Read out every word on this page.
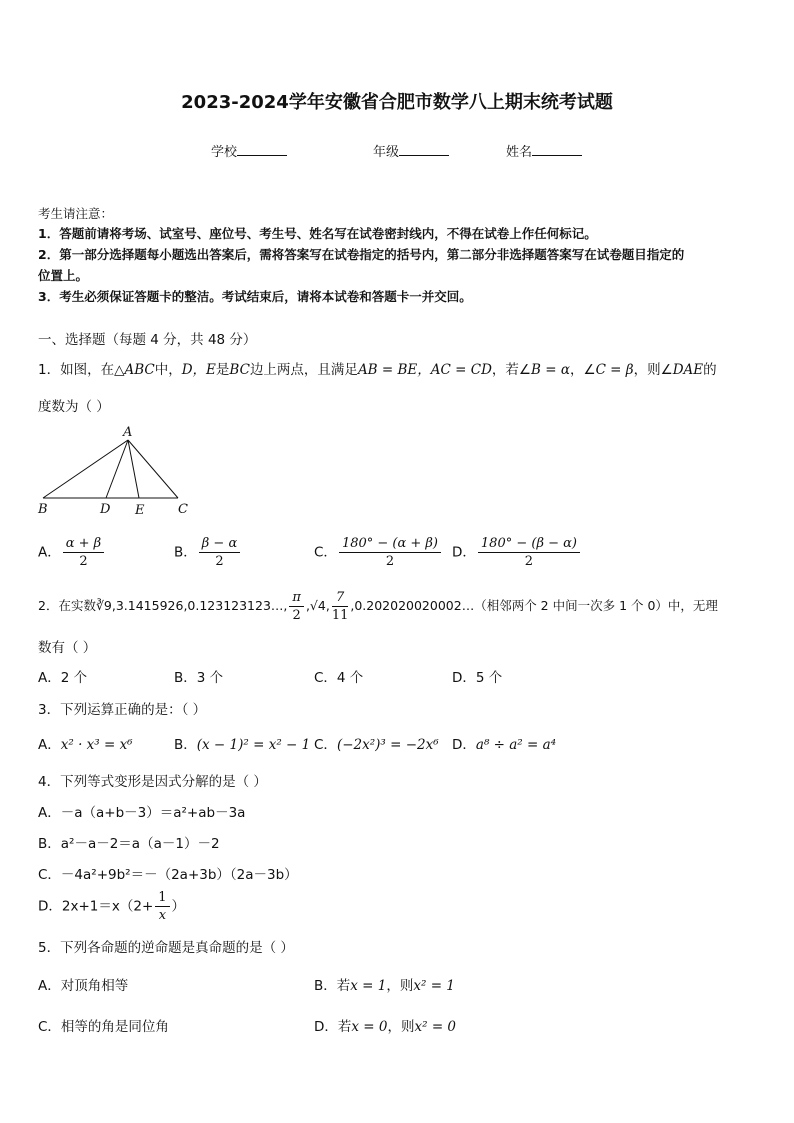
2023-2024学年安徽省合肥市数学八上期末统考试题
学校	年级	姓名
考生请注意：
1．答题前请将考场、试室号、座位号、考生号、姓名写在试卷密封线内，不得在试卷上作任何标记。
2．第一部分选择题每小题选出答案后，需将答案写在试卷指定的括号内，第二部分非选择题答案写在试卷题目指定的
位置上。
3．考生必须保证答题卡的整洁。考试结束后，请将本试卷和答题卡一并交回。
一、选择题（每题 4 分，共 48 分）
1．如图，在△ABC中，D，E是BC边上两点，且满足AB = BE，AC = CD，若∠B = α，∠C = β，则∠DAE的
度数为（ ）
A
B	D E	C
A． $\frac{\alpha + \beta}{2}$	B． $\frac{\beta - \alpha}{2}$	C． $\frac{180^\circ - (\alpha + \beta)}{2}$ D． $\frac{180^\circ - (\beta - \alpha)}{2}$
2．在实数∛9,3.1415926,0.123123123…, $\frac{\pi}{2} ,√4$, $\frac{7}{11}$ ,0.202020020002…（相邻两个 2 中间一次多 1 个 0）中，无理
数有（ ）
A．2 个	B．3 个	C．4 个	D．5 个
3．下列运算正确的是：（ ）
A．x² · x³ = x⁶	B．(x − 1)² = x² − 1 C．(−2x²)³ = −2x⁶ D．a⁸ ÷ a² = a⁴
4．下列等式变形是因式分解的是（ ）
A．－a（a+b－3）＝a²+ab－3a
B．a²－a－2＝a（a－1）－2
C．－4a²+9b²＝－（2a+3b）（2a－3b）
D．$2x+1=x(2+ \frac{1}{x}$ ）
5．下列各命题的逆命题是真命题的是（ ）
A．对顶角相等	B．若x = 1，则x² = 1
C．相等的角是同位角	D．若x = 0，则x² = 0
